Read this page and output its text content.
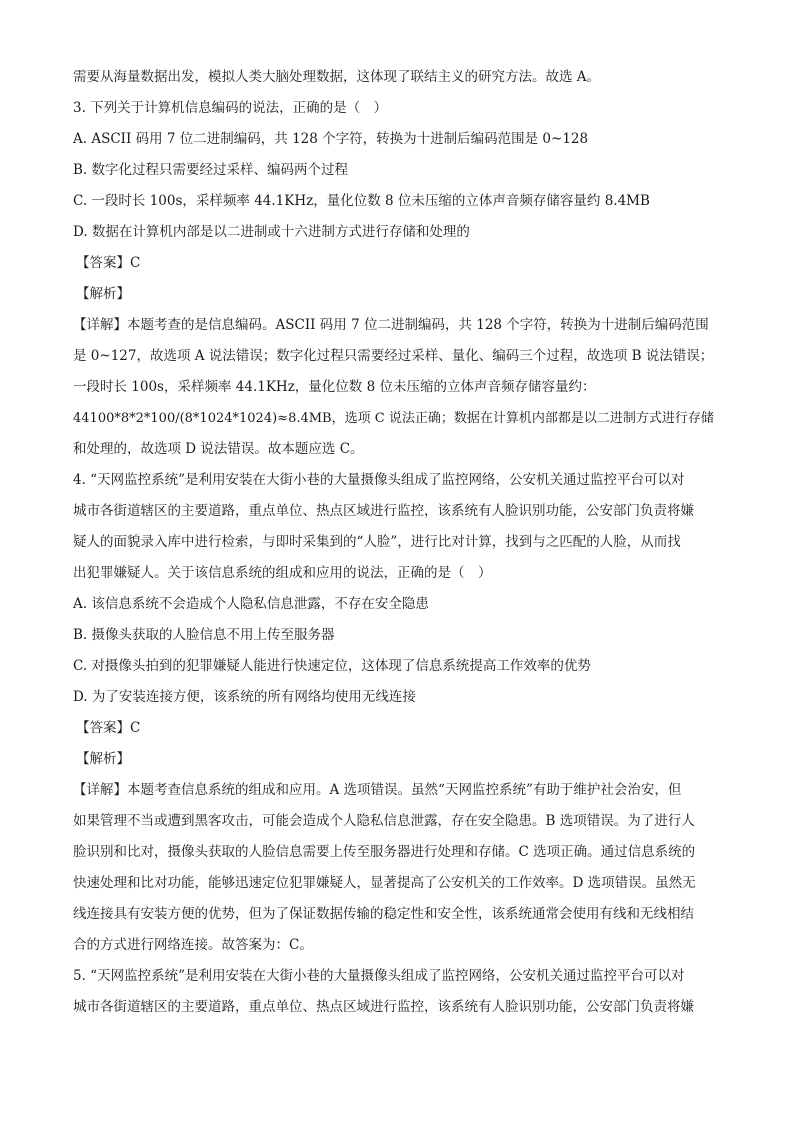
需要从海量数据出发，模拟人类大脑处理数据，这体现了联结主义的研究方法。故选 A。
3. 下列关于计算机信息编码的说法，正确的是（　）
A. ASCII 码用 7 位二进制编码，共 128 个字符，转换为十进制后编码范围是 0~128
B. 数字化过程只需要经过采样、编码两个过程
C. 一段时长 100s，采样频率 44.1KHz，量化位数 8 位未压缩的立体声音频存储容量约 8.4MB
D. 数据在计算机内部是以二进制或十六进制方式进行存储和处理的
【答案】C
【解析】
【详解】本题考查的是信息编码。ASCII 码用 7 位二进制编码，共 128 个字符，转换为十进制后编码范围
是 0~127，故选项 A 说法错误；数字化过程只需要经过采样、量化、编码三个过程，故选项 B 说法错误；
一段时长 100s，采样频率 44.1KHz，量化位数 8 位未压缩的立体声音频存储容量约：
44100*8*2*100/(8*1024*1024)≈8.4MB，选项 C 说法正确；数据在计算机内部都是以二进制方式进行存储
和处理的，故选项 D 说法错误。故本题应选 C。
4. “天网监控系统”是利用安装在大街小巷的大量摄像头组成了监控网络，公安机关通过监控平台可以对
城市各街道辖区的主要道路，重点单位、热点区域进行监控，该系统有人脸识别功能，公安部门负责将嫌
疑人的面貌录入库中进行检索，与即时采集到的“人脸”，进行比对计算，找到与之匹配的人脸，从而找
出犯罪嫌疑人。关于该信息系统的组成和应用的说法，正确的是（　）
A. 该信息系统不会造成个人隐私信息泄露，不存在安全隐患
B. 摄像头获取的人脸信息不用上传至服务器
C. 对摄像头拍到的犯罪嫌疑人能进行快速定位，这体现了信息系统提高工作效率的优势
D. 为了安装连接方便，该系统的所有网络均使用无线连接
【答案】C
【解析】
【详解】本题考查信息系统的组成和应用。A 选项错误。虽然“天网监控系统”有助于维护社会治安，但
如果管理不当或遭到黑客攻击，可能会造成个人隐私信息泄露，存在安全隐患。B 选项错误。为了进行人
脸识别和比对，摄像头获取的人脸信息需要上传至服务器进行处理和存储。C 选项正确。通过信息系统的
快速处理和比对功能，能够迅速定位犯罪嫌疑人，显著提高了公安机关的工作效率。D 选项错误。虽然无
线连接具有安装方便的优势，但为了保证数据传输的稳定性和安全性，该系统通常会使用有线和无线相结
合的方式进行网络连接。故答案为：C。
5. “天网监控系统”是利用安装在大街小巷的大量摄像头组成了监控网络，公安机关通过监控平台可以对
城市各街道辖区的主要道路，重点单位、热点区域进行监控，该系统有人脸识别功能，公安部门负责将嫌
